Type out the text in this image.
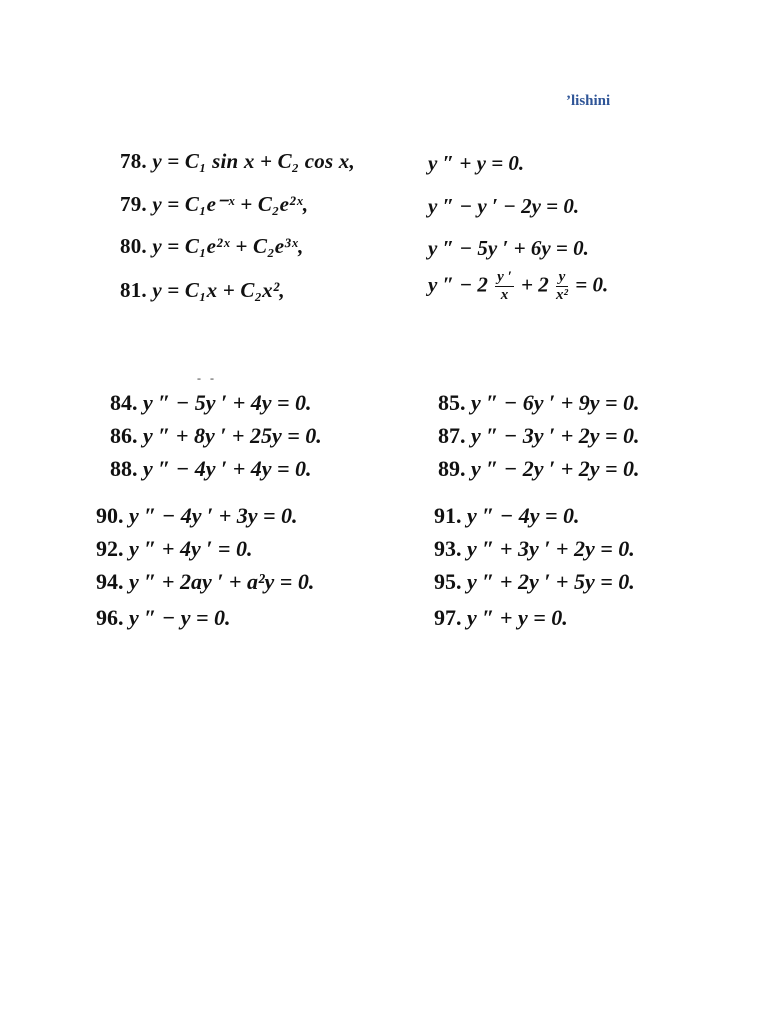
’lishini
78. y = C₁ sin x + C₂ cos x,	y ″ + y = 0.
79. y = C₁e⁻ˣ + C₂e²ˣ,	y ″ − y ′ − 2y = 0.
80. y = C₁e²ˣ + C₂e³ˣ,	y ″ − 5y ′ + 6y = 0.
81. y = C₁x + C₂x²,	y ″ − $2 \frac{y '}{x} + 2 \frac{y}{\text{x²}} = 0$.
- -
84. y ″ − 5y ′ + 4y = 0.
86. y ″ + 8y ′ + 25y = 0.
88. y ″ − 4y ′ + 4y = 0.
90. y ″ − 4y ′ + 3y = 0.
92. y ″ + 4y ′ = 0.
94. y ″ + 2ay ′ + a²y = 0.
96. y ″ − y = 0.
85. y ″ − 6y ′ + 9y = 0.
87. y ″ − 3y ′ + 2y = 0.
89. y ″ − 2y ′ + 2y = 0.
91. y ″ − 4y = 0.
93. y ″ + 3y ′ + 2y = 0.
95. y ″ + 2y ′ + 5y = 0.
97. y ″ + y = 0.
